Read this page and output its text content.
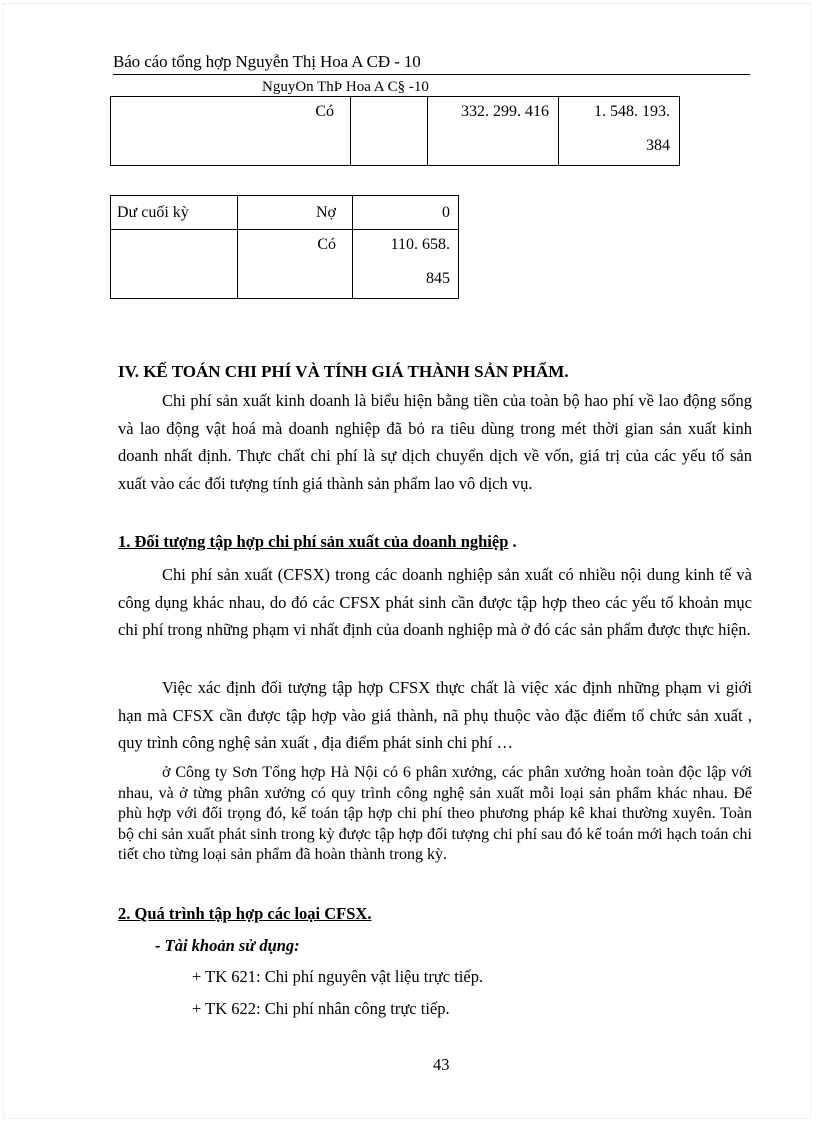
Báo cáo tổng hợp Nguyễn Thị Hoa A CĐ - 10
NguyOn ThÞ Hoa A C§ -10
Có		332. 299. 416	1. 548. 193.
384
Dư cuối kỳ	Nợ	0

	Có	110. 658.
845
IV. KẾ TOÁN CHI PHÍ VÀ TÍNH GIÁ THÀNH SẢN PHẨM.

Chi phí sản xuất kinh doanh là biểu hiện bằng tiền của toàn bộ hao phí về lao động sống và lao động vật hoá mà doanh nghiệp đã bỏ ra tiêu dùng trong mét thời gian sản xuất kinh doanh nhất định. Thực chất chi phí là sự dịch chuyển dịch về vốn, giá trị của các yếu tố sản xuất vào các đối tượng tính giá thành sản phẩm lao vô dịch vụ.

1. Đối tượng tập hợp chi phí sản xuất của doanh nghiệp .

Chi phí sản xuất (CFSX) trong các doanh nghiệp sản xuất có nhiều nội dung kinh tế và công dụng khác nhau, do đó các CFSX phát sinh cần được tập hợp theo các yếu tố khoản mục chi phí trong những phạm vi nhất định của doanh nghiệp mà ở đó các sản phẩm được thực hiện.

Việc xác định đối tượng tập hợp CFSX thực chất là việc xác định những phạm vi giới hạn mà CFSX cần được tập hợp vào giá thành, nã phụ thuộc vào đặc điểm tổ chức sản xuất , quy trình công nghệ sản xuất , địa điểm phát sinh chi phí …

ở Công ty Sơn Tổng hợp Hà Nội có 6 phân xưởng, các phân xưởng hoàn toàn độc lập với nhau, và ở từng phân xưởng có quy trình công nghệ sản xuất mỗi loại sản phẩm khác nhau. Để phù hợp với đối trọng đó, kế toán tập hợp chi phí theo phương pháp kê khai thường xuyên. Toàn bộ chi sản xuất phát sinh trong kỳ được tập hợp đối tượng chi phí sau đó kế toán mới hạch toán chi tiết cho từng loại sản phẩm đã hoàn thành trong kỳ.

2. Quá trình tập hợp các loại CFSX.

- Tài khoản sử dụng:

+ TK 621: Chi phí nguyên vật liệu trực tiếp.

+ TK 622: Chi phí nhân công trực tiếp.

43
